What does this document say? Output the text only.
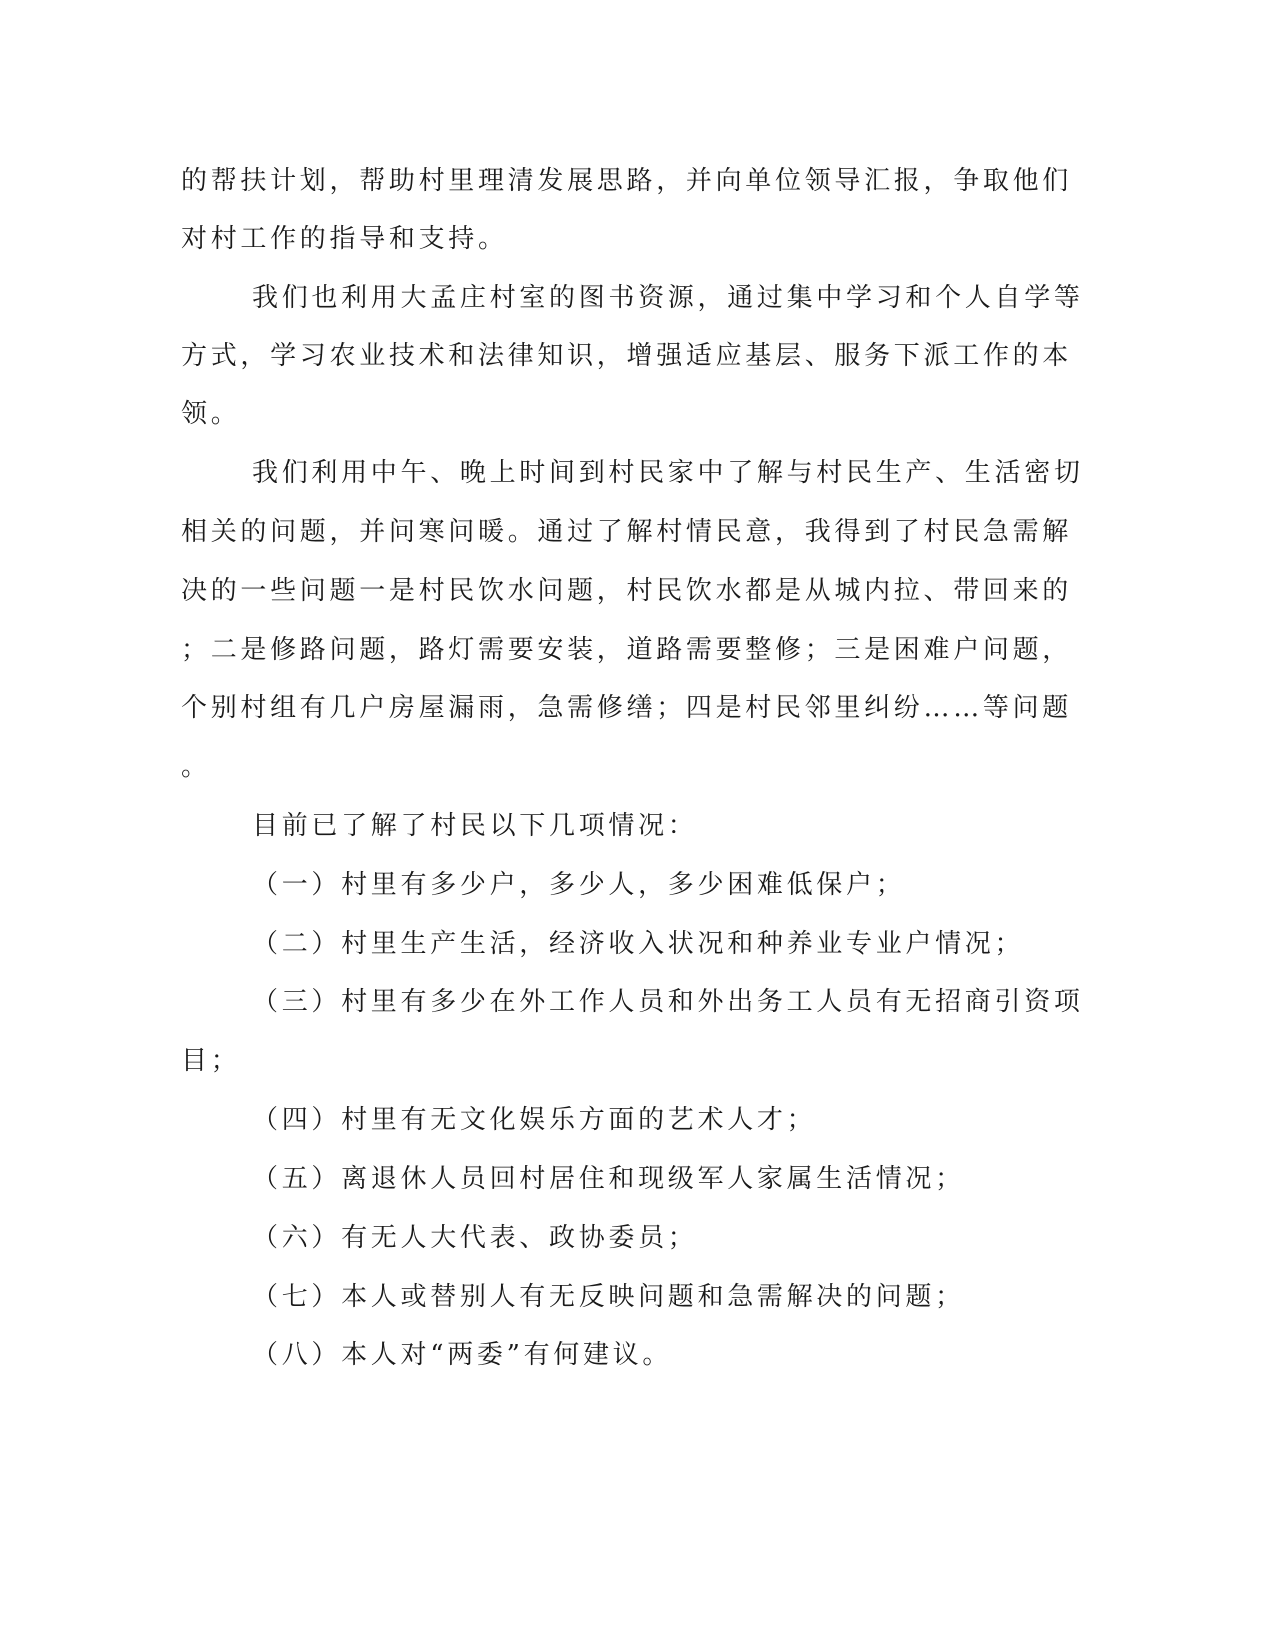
的帮扶计划，帮助村里理清发展思路，并向单位领导汇报，争取他们
对村工作的指导和支持。
我们也利用大孟庄村室的图书资源，通过集中学习和个人自学等
方式，学习农业技术和法律知识，增强适应基层、服务下派工作的本
领。
我们利用中午、晚上时间到村民家中了解与村民生产、生活密切
相关的问题，并问寒问暖。通过了解村情民意，我得到了村民急需解
决的一些问题一是村民饮水问题，村民饮水都是从城内拉、带回来的
；二是修路问题，路灯需要安装，道路需要整修；三是困难户问题，
个别村组有几户房屋漏雨，急需修缮；四是村民邻里纠纷……等问题
。
目前已了解了村民以下几项情况：
（一）村里有多少户，多少人，多少困难低保户；
（二）村里生产生活，经济收入状况和种养业专业户情况；
（三）村里有多少在外工作人员和外出务工人员有无招商引资项
目；
（四）村里有无文化娱乐方面的艺术人才；
（五）离退休人员回村居住和现级军人家属生活情况；
（六）有无人大代表、政协委员；
（七）本人或替别人有无反映问题和急需解决的问题；
（八）本人对“两委”有何建议。
